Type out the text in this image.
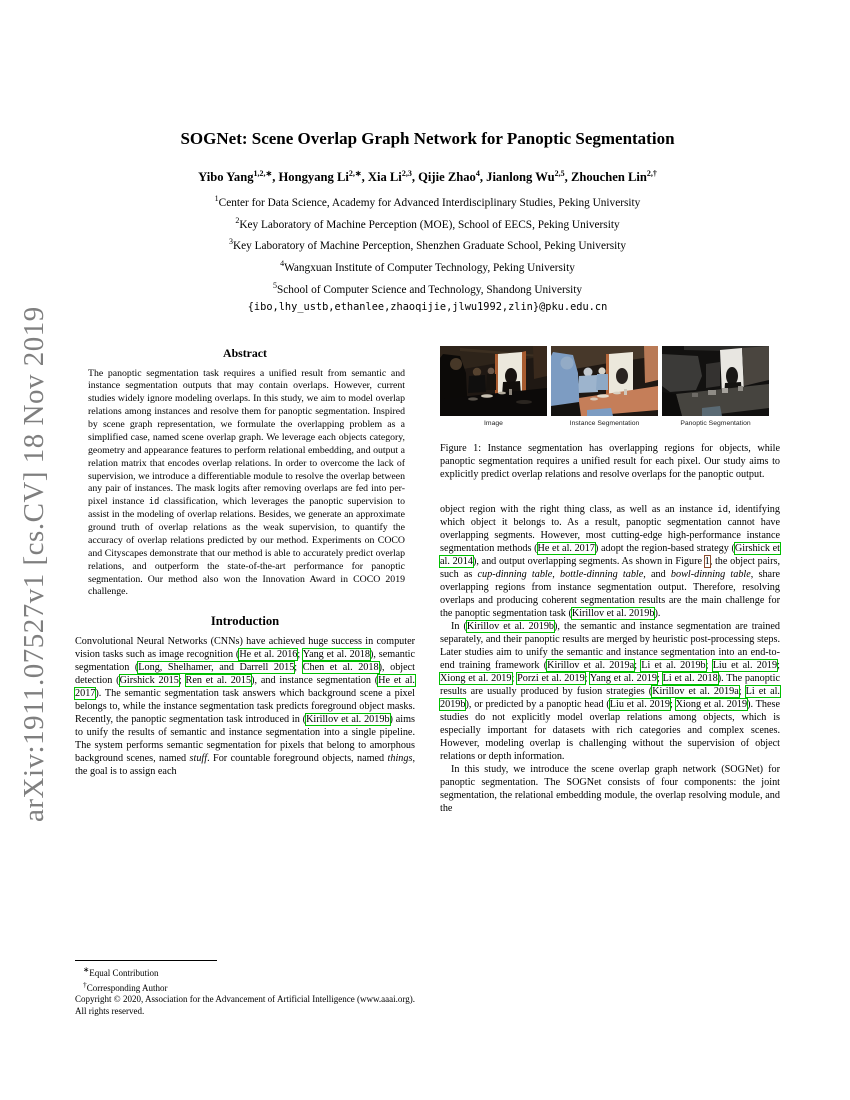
arXiv:1911.07527v1 [cs.CV] 18 Nov 2019
SOGNet: Scene Overlap Graph Network for Panoptic Segmentation
Yibo Yang$^{1,2,∗}$, Hongyang $Li^{2,∗}$, Xia Li$^{2,3}$, Qijie Zhao$^4$, Jianlong Wu$^{2,5}$, Zhouchen Lin$^{2,\dagger}$
$^1$Center for Data Science, Academy for Advanced Interdisciplinary Studies, Peking University
$^2$Key Laboratory of Machine Perception (MOE), School of EECS, Peking University
$^3$Key Laboratory of Machine Perception, Shenzhen Graduate School, Peking University
$^4$Wangxuan Institute of Computer Technology, Peking University
$^5$School of Computer Science and Technology, Shandong University
{ibo,lhy_ustb,ethanlee,zhaoqijie,jlwu1992,zlin}@pku.edu.cn
Abstract
The panoptic segmentation task requires a unified result from semantic and instance segmentation outputs that may contain overlaps. However, current studies widely ignore modeling overlaps. In this study, we aim to model overlap relations among instances and resolve them for panoptic segmentation. Inspired by scene graph representation, we formulate the overlapping problem as a simplified case, named scene overlap graph. We leverage each objects category, geometry and appearance features to perform relational embedding, and output a relation matrix that encodes overlap relations. In order to overcome the lack of supervision, we introduce a differentiable module to resolve the overlap between any pair of instances. The mask logits after removing overlaps are fed into per-pixel instance id classification, which leverages the panoptic supervision to assist in the modeling of overlap relations. Besides, we generate an approximate ground truth of overlap relations as the weak supervision, to quantify the accuracy of overlap relations predicted by our method. Experiments on COCO and Cityscapes demonstrate that our method is able to accurately predict overlap relations, and outperform the state-of-the-art performance for panoptic segmentation. Our method also won the Innovation Award in COCO 2019 challenge.
Introduction

Convolutional Neural Networks (CNNs) have achieved huge success in computer vision tasks such as image recognition (He et al. 2016; Yang et al. 2018), semantic segmentation (Long, Shelhamer, and Darrell 2015; Chen et al. 2018), object detection (Girshick 2015; Ren et al. 2015), and instance segmentation (He et al. 2017). The semantic segmentation task answers which background scene a pixel belongs to, while the instance segmentation task predicts foreground object masks. Recently, the panoptic segmentation task introduced in (Kirillov et al. 2019b) aims to unify the results of semantic and instance segmentation into a single pipeline. The system performs semantic segmentation for pixels that belong to amorphous background scenes, named stuff. For countable foreground objects, named things, the goal is to assign each

∗Equal Contribution
†Corresponding Author
Copyright © 2020, Association for the Advancement of Artificial Intelligence (www.aaai.org). All rights reserved.
Image	Instance Segmentation	Panoptic Segmentation
Figure 1: Instance segmentation has overlapping regions for objects, while panoptic segmentation requires a unified result for each pixel. Our study aims to explicitly predict overlap relations and resolve overlaps for the panoptic output.

object region with the right thing class, as well as an instance id, identifying which object it belongs to. As a result, panoptic segmentation cannot have overlapping segments. However, most cutting-edge high-performance instance segmentation methods (He et al. 2017) adopt the region-based strategy (Girshick et al. 2014), and output overlapping segments. As shown in Figure 1, the object pairs, such as cup-dinning table, bottle-dinning table, and bowl-dinning table, share overlapping regions from instance segmentation output. Therefore, resolving overlaps and producing coherent segmentation results are the main challenge for the panoptic segmentation task (Kirillov et al. 2019b).

In (Kirillov et al. 2019b), the semantic and instance segmentation are trained separately, and their panoptic results are merged by heuristic post-processing steps. Later studies aim to unify the semantic and instance segmentation into an end-to-end training framework (Kirillov et al. 2019a; Li et al. 2019b; Liu et al. 2019; Xiong et al. 2019; Porzi et al. 2019; Yang et al. 2019; Li et al. 2018). The panoptic results are usually produced by fusion strategies (Kirillov et al. 2019a; Li et al. 2019b), or predicted by a panoptic head (Liu et al. 2019; Xiong et al. 2019). These studies do not explicitly model overlap relations among objects, which is especially important for datasets with rich categories and complex scenes. However, modeling overlap is challenging without the supervision of object relations or depth information.

In this study, we introduce the scene overlap graph network (SOGNet) for panoptic segmentation. The SOGNet consists of four components: the joint segmentation, the relational embedding module, the overlap resolving module, and the
